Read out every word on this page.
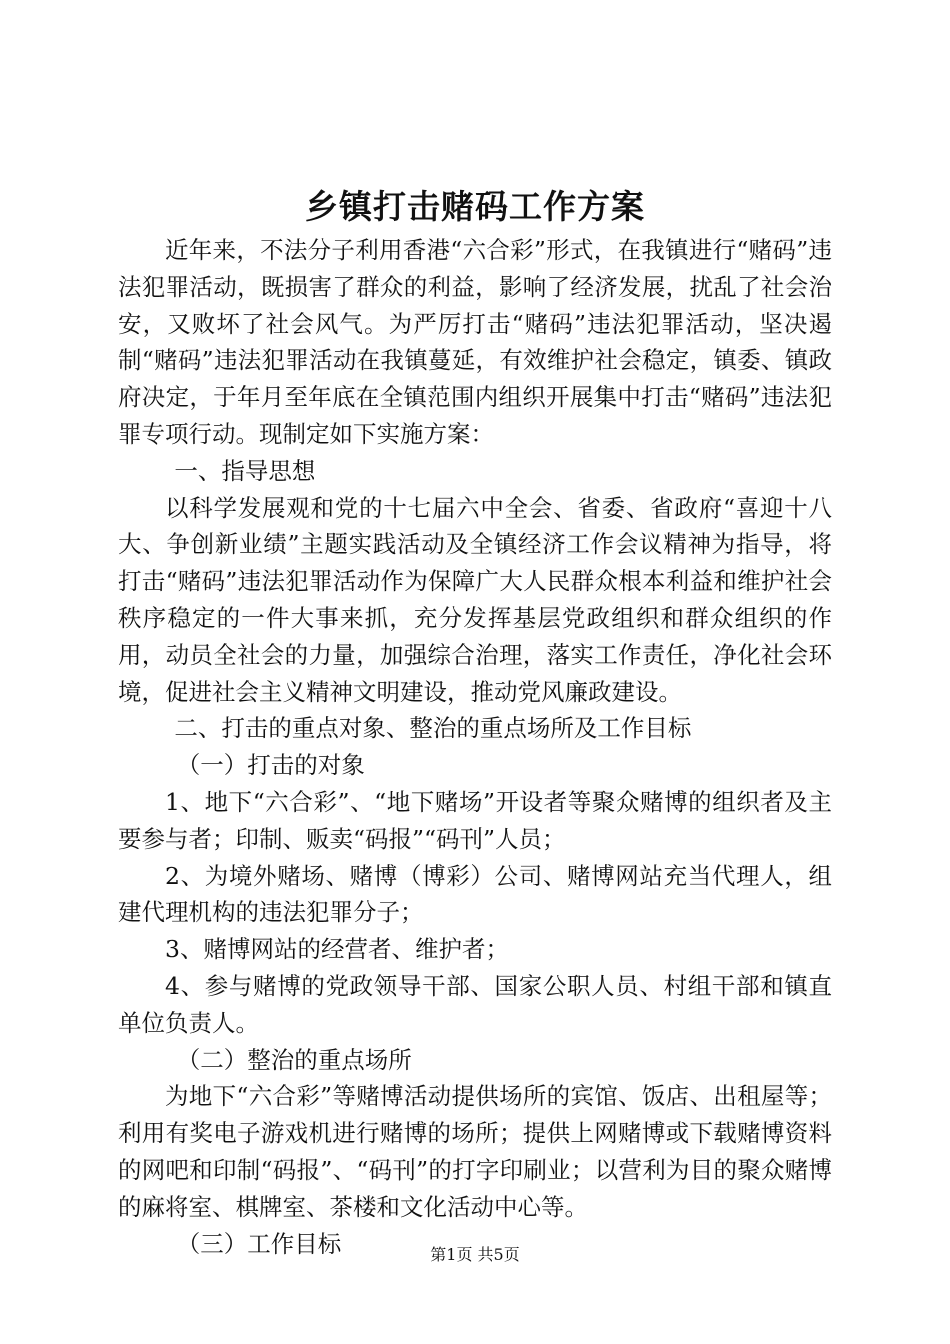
乡镇打击赌码工作方案

近年来，不法分子利用香港“六合彩”形式，在我镇进行“赌码”违法犯罪活动，既损害了群众的利益，影响了经济发展，扰乱了社会治安，又败坏了社会风气。为严厉打击“赌码”违法犯罪活动，坚决遏制“赌码”违法犯罪活动在我镇蔓延，有效维护社会稳定，镇委、镇政府决定，于年月至年底在全镇范围内组织开展集中打击“赌码”违法犯罪专项行动。现制定如下实施方案：

一、指导思想

以科学发展观和党的十七届六中全会、省委、省政府“喜迎十八大、争创新业绩”主题实践活动及全镇经济工作会议精神为指导，将打击“赌码”违法犯罪活动作为保障广大人民群众根本利益和维护社会秩序稳定的一件大事来抓，充分发挥基层党政组织和群众组织的作用，动员全社会的力量，加强综合治理，落实工作责任，净化社会环境，促进社会主义精神文明建设，推动党风廉政建设。

二、打击的重点对象、整治的重点场所及工作目标

（一）打击的对象

1、地下“六合彩”、“地下赌场”开设者等聚众赌博的组织者及主要参与者；印制、贩卖“码报”“码刊”人员；

2、为境外赌场、赌博（博彩）公司、赌博网站充当代理人，组建代理机构的违法犯罪分子；

3、赌博网站的经营者、维护者；

4、参与赌博的党政领导干部、国家公职人员、村组干部和镇直单位负责人。

（二）整治的重点场所

为地下“六合彩”等赌博活动提供场所的宾馆、饭店、出租屋等；利用有奖电子游戏机进行赌博的场所；提供上网赌博或下载赌博资料的网吧和印制“码报”、“码刊”的打字印刷业；以营利为目的聚众赌博的麻将室、棋牌室、茶楼和文化活动中心等。

（三）工作目标	第1页 共5页
